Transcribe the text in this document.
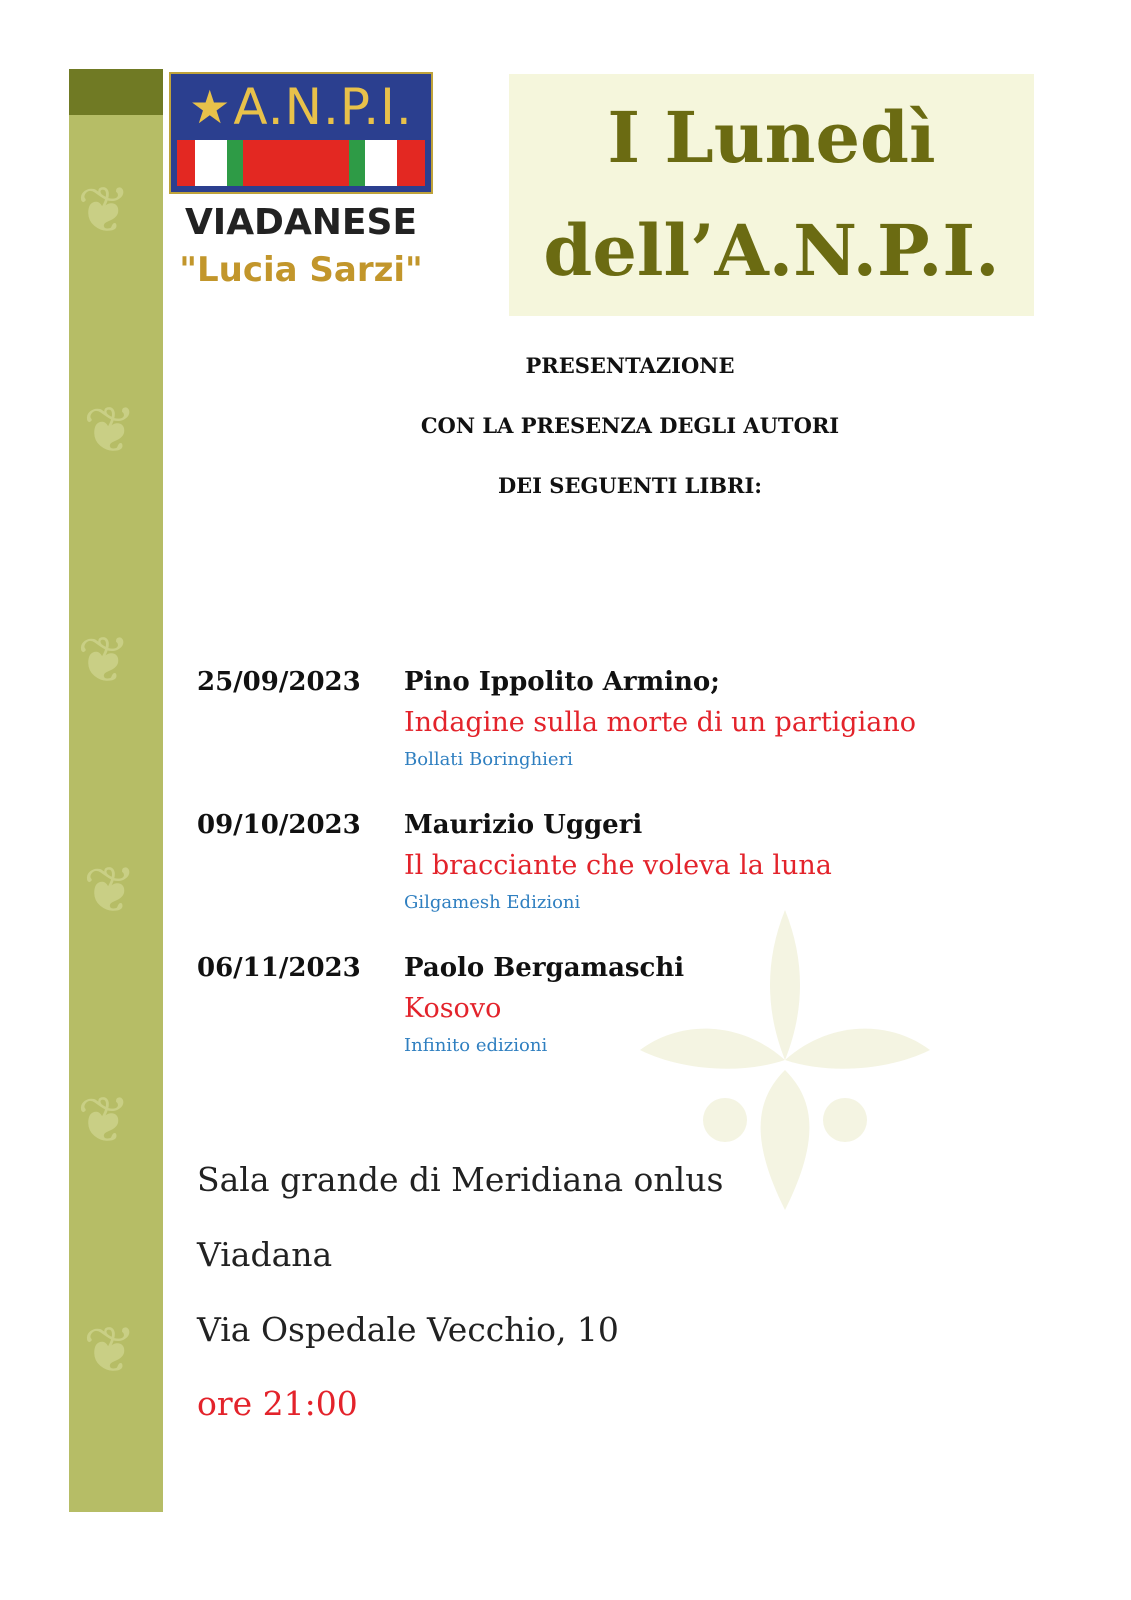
❦
❦
❦
❦
❦
❦
★ A.N.P.I.
VIADANESE
"Lucia Sarzi"
I Lunedì
dell’A.N.P.I.
PRESENTAZIONE
CON LA PRESENZA DEGLI AUTORI
DEI SEGUENTI LIBRI:
25/09/2023 Pino Ippolito Armino;
Indagine sulla morte di un partigiano
Bollati Boringhieri
09/10/2023 Maurizio Uggeri
Il bracciante che voleva la luna
Gilgamesh Edizioni
06/11/2023 Paolo Bergamaschi
Kosovo
Infinito edizioni
Sala grande di Meridiana onlus
Viadana
Via Ospedale Vecchio, 10
ore 21:00
